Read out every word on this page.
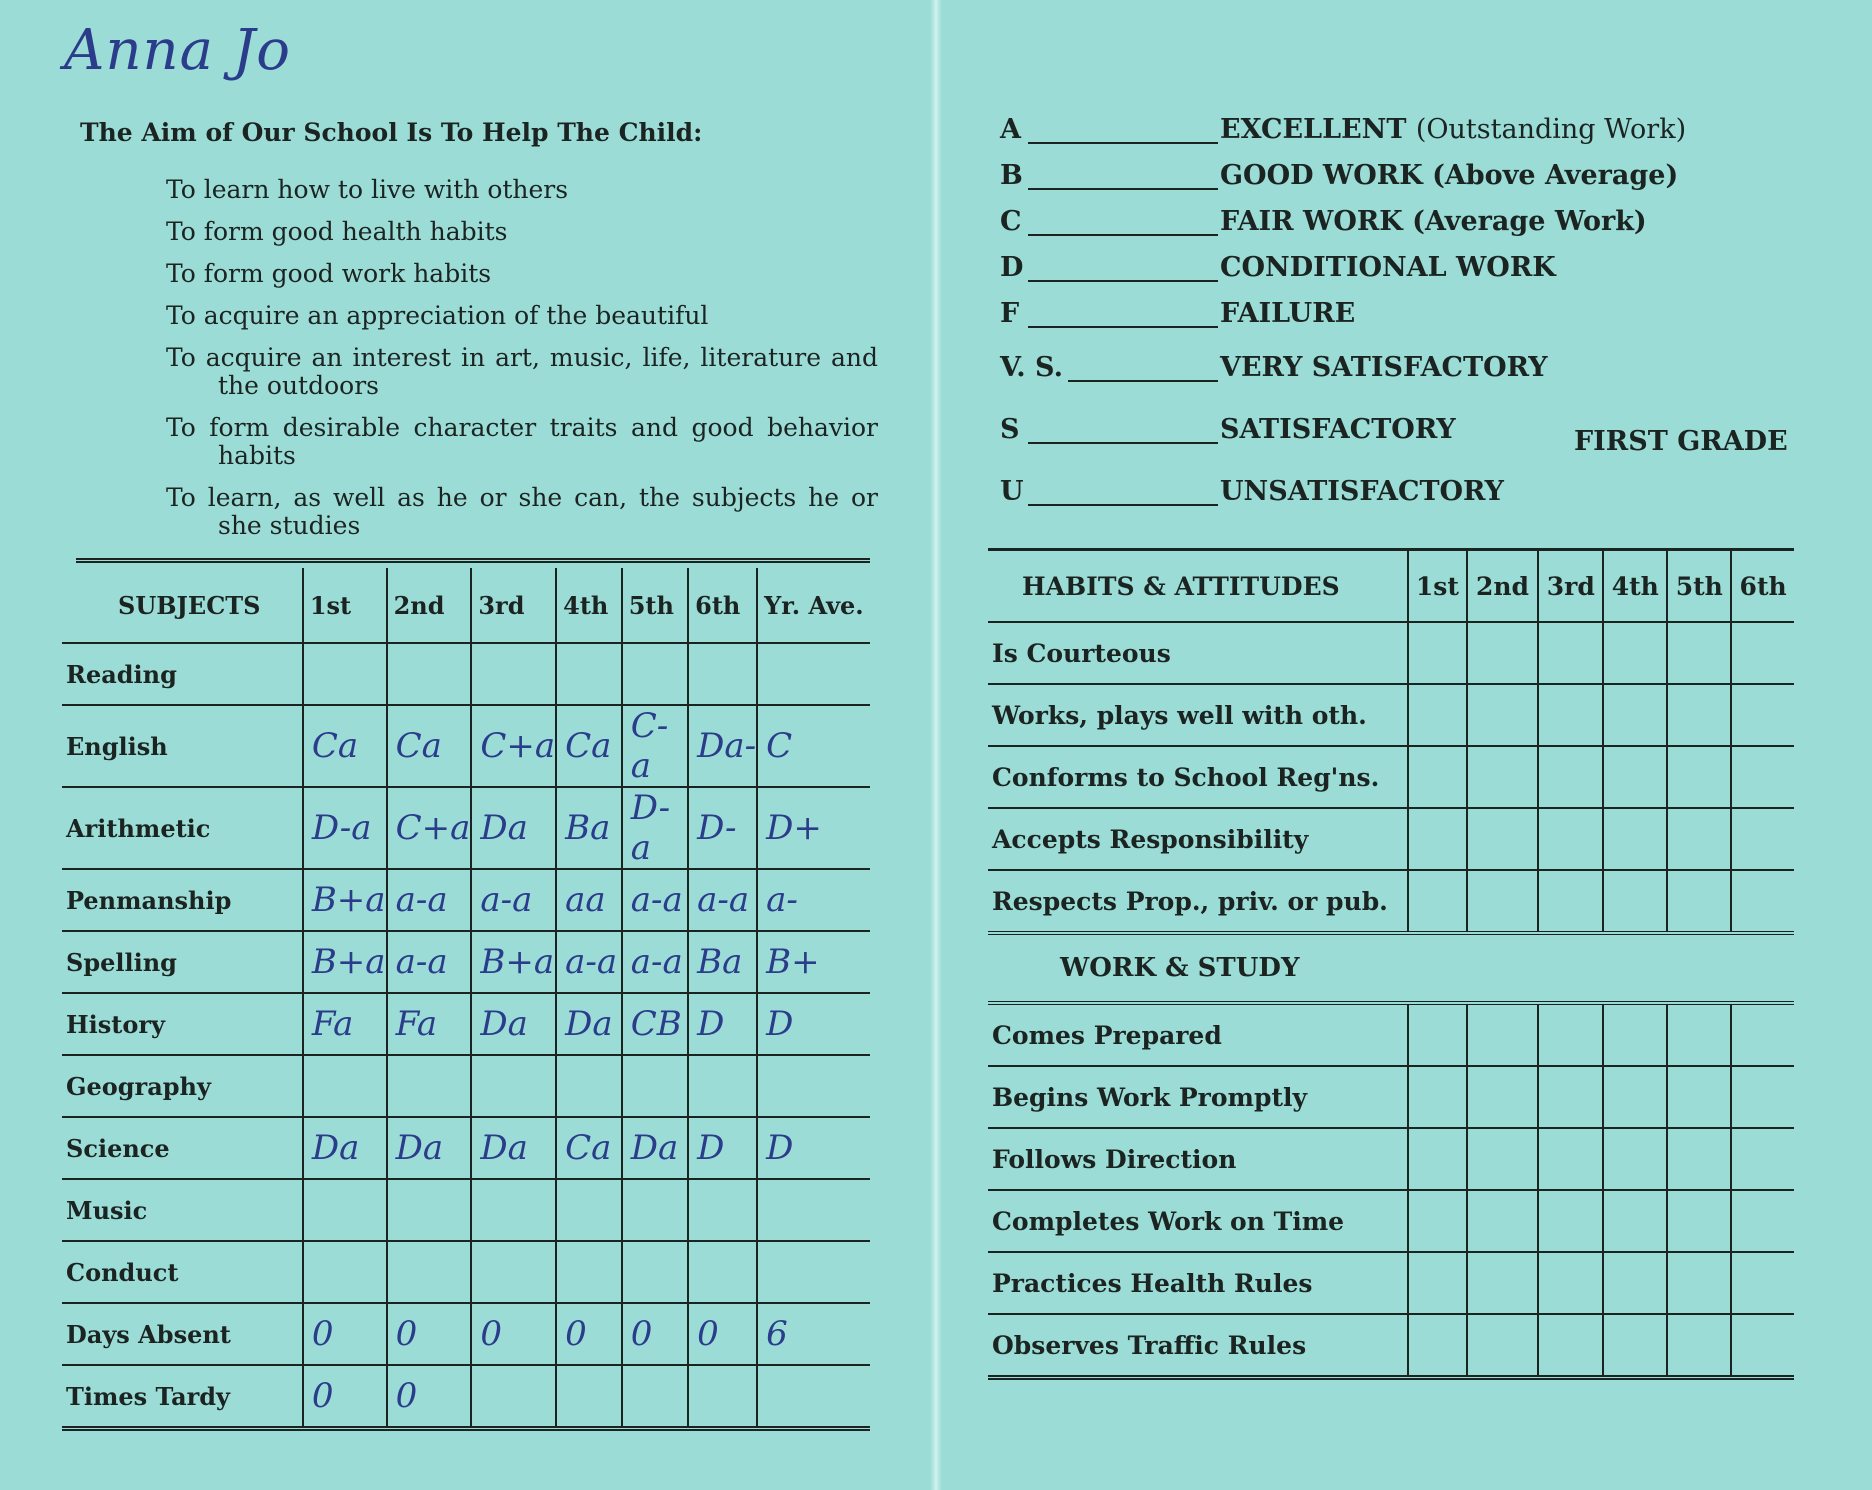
Anna Jo
The Aim of Our School Is To Help The Child:
To learn how to live with others
To form good health habits
To form good work habits
To acquire an appreciation of the beautiful
To acquire an interest in art, music, life, literature and the outdoors
To form desirable character traits and good behavior habits
To learn, as well as he or she can, the subjects he or she studies
SUBJECTS	1st	2nd	3rd	4th	5th	6th	Yr. Ave.
Reading							
English	Ca	Ca	C+a	Ca	C-a	Da-	C
Arithmetic	D-a	C+a	Da	Ba	D-a	D-	D+
Penmanship	B+a	a-a	a-a	aa	a-a	a-a	a-
Spelling	B+a	a-a	B+a	a-a	a-a	Ba	B+
History	Fa	Fa	Da	Da	CB	D	D
Geography							
Science	Da	Da	Da	Ca	Da	D	D
Music							
Conduct							
Days Absent	0	0	0	0	0	0	6
Times Tardy	0	0					
A	EXCELLENT (Outstanding Work)
B	GOOD WORK (Above Average)
C	FAIR WORK (Average Work)
D	CONDITIONAL WORK
F	FAILURE
V. S.	VERY SATISFACTORY
S	SATISFACTORY
U	UNSATISFACTORY
FIRST GRADE
HABITS & ATTITUDES	1st	2nd	3rd	4th	5th	6th
Is Courteous						
Works, plays well with oth.						
Conforms to School Reg'ns.						
Accepts Responsibility						
Respects Prop., priv. or pub.						
WORK & STUDY						
Comes Prepared						
Begins Work Promptly						
Follows Direction						
Completes Work on Time						
Practices Health Rules						
Observes Traffic Rules						
